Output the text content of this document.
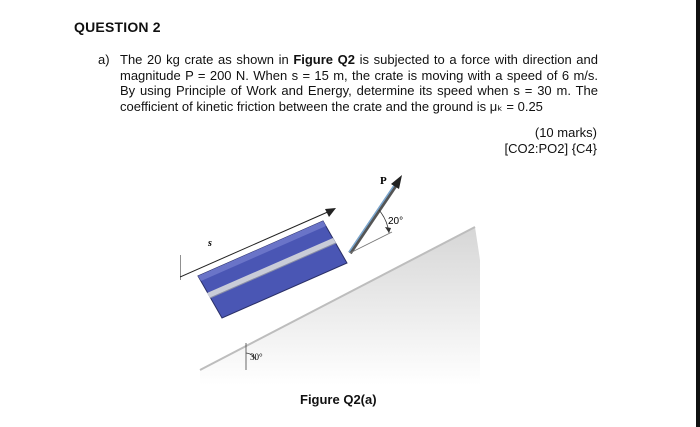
QUESTION 2
a) The 20 kg crate as shown in Figure Q2 is subjected to a force with direction and magnitude P = 200 N. When s = 15 m, the crate is moving with a speed of 6 m/s. By using Principle of Work and Energy, determine its speed when s = 30 m. The coefficient of kinetic friction between the crate and the ground is μₖ = 0.25
(10 marks)
[CO2:PO2] {C4}
s
P
20°
30°
Figure Q2(a)
